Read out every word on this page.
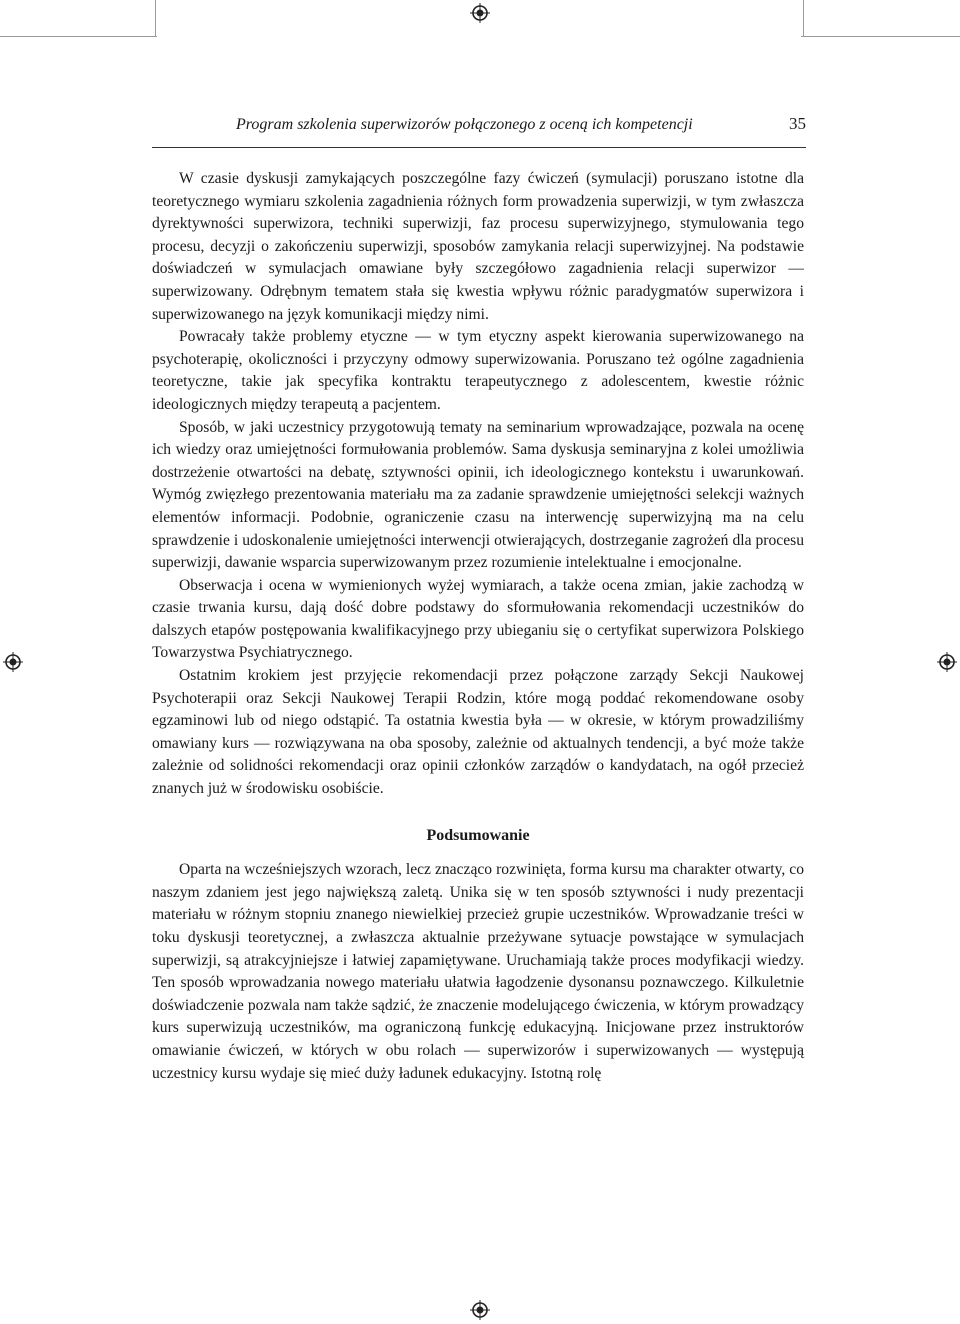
Program szkolenia superwizorów połączonego z oceną ich kompetencji	35

W czasie dyskusji zamykających poszczególne fazy ćwiczeń (symulacji) poruszano istotne dla teoretycznego wymiaru szkolenia zagadnienia różnych form prowadzenia superwizji, w tym zwłaszcza dyrektywności superwizora, techniki superwizji, faz procesu superwizyjnego, stymulowania tego procesu, decyzji o zakończeniu superwizji, sposobów zamykania relacji superwizyjnej. Na podstawie doświadczeń w symulacjach omawiane były szczegółowo zagadnienia relacji superwizor — superwizowany. Odrębnym tematem stała się kwestia wpływu różnic paradygmatów superwizora i superwizowanego na język komunikacji między nimi.

Powracały także problemy etyczne — w tym etyczny aspekt kierowania superwizowanego na psychoterapię, okoliczności i przyczyny odmowy superwizowania. Poruszano też ogólne zagadnienia teoretyczne, takie jak specyfika kontraktu terapeutycznego z adolescentem, kwestie różnic ideologicznych między terapeutą a pacjentem.

Sposób, w jaki uczestnicy przygotowują tematy na seminarium wprowadzające, pozwala na ocenę ich wiedzy oraz umiejętności formułowania problemów. Sama dyskusja seminaryjna z kolei umożliwia dostrzeżenie otwartości na debatę, sztywności opinii, ich ideologicznego kontekstu i uwarunkowań. Wymóg zwięzłego prezentowania materiału ma za zadanie sprawdzenie umiejętności selekcji ważnych elementów informacji. Podobnie, ograniczenie czasu na interwencję superwizyjną ma na celu sprawdzenie i udoskonalenie umiejętności interwencji otwierających, dostrzeganie zagrożeń dla procesu superwizji, dawanie wsparcia superwizowanym przez rozumienie intelektualne i emocjonalne.

Obserwacja i ocena w wymienionych wyżej wymiarach, a także ocena zmian, jakie zachodzą w czasie trwania kursu, dają dość dobre podstawy do sformułowania rekomendacji uczestników do dalszych etapów postępowania kwalifikacyjnego przy ubieganiu się o certyfikat superwizora Polskiego Towarzystwa Psychiatrycznego.

Ostatnim krokiem jest przyjęcie rekomendacji przez połączone zarządy Sekcji Naukowej Psychoterapii oraz Sekcji Naukowej Terapii Rodzin, które mogą poddać rekomendowane osoby egzaminowi lub od niego odstąpić. Ta ostatnia kwestia była — w okresie, w którym prowadziliśmy omawiany kurs — rozwiązywana na oba sposoby, zależnie od aktualnych tendencji, a być może także zależnie od solidności rekomendacji oraz opinii członków zarządów o kandydatach, na ogół przecież znanych już w środowisku osobiście.

Podsumowanie

Oparta na wcześniejszych wzorach, lecz znacząco rozwinięta, forma kursu ma charakter otwarty, co naszym zdaniem jest jego największą zaletą. Unika się w ten sposób sztywności i nudy prezentacji materiału w różnym stopniu znanego niewielkiej przecież grupie uczestników. Wprowadzanie treści w toku dyskusji teoretycznej, a zwłaszcza aktualnie przeżywane sytuacje powstające w symulacjach superwizji, są atrakcyjniejsze i łatwiej zapamiętywane. Uruchamiają także proces modyfikacji wiedzy. Ten sposób wprowadzania nowego materiału ułatwia łagodzenie dysonansu poznawczego. Kilkuletnie doświadczenie pozwala nam także sądzić, że znaczenie modelującego ćwiczenia, w którym prowadzący kurs superwizują uczestników, ma ograniczoną funkcję edukacyjną. Inicjowane przez instruktorów omawianie ćwiczeń, w których w obu rolach — superwizorów i superwizowanych — występują uczestnicy kursu wydaje się mieć duży ładunek edukacyjny. Istotną rolę
